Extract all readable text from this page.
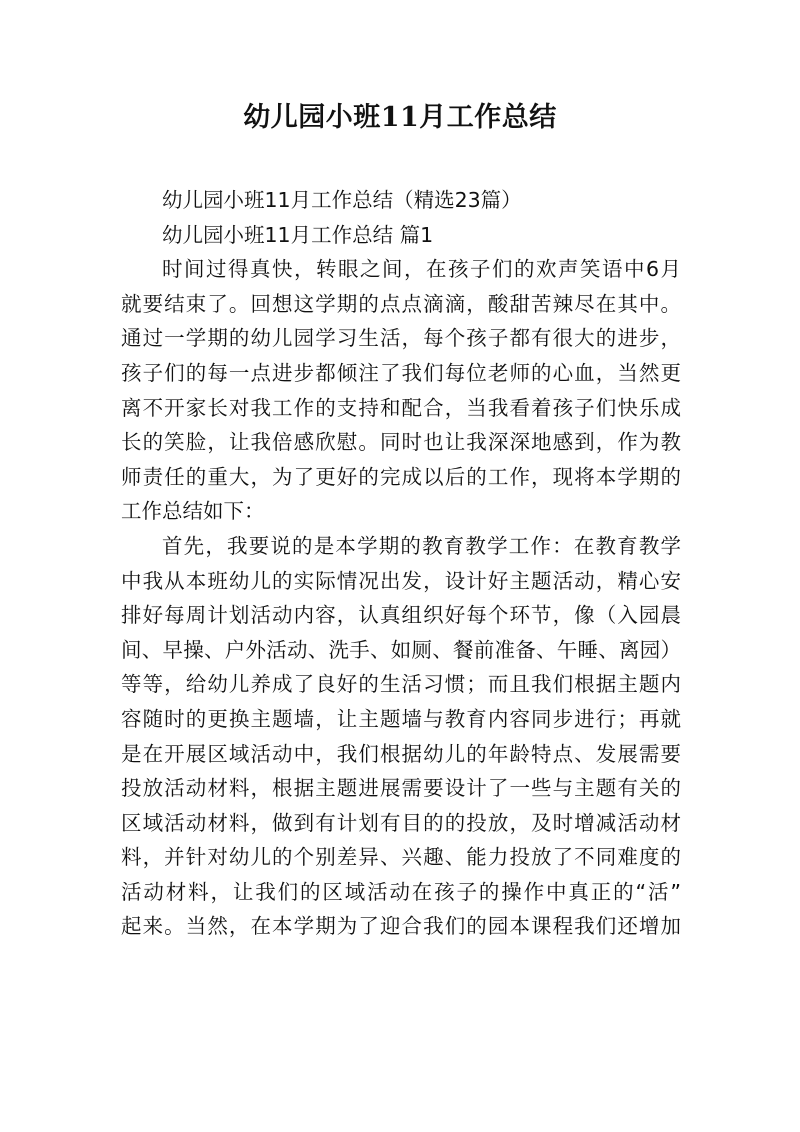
幼儿园小班11月工作总结
幼儿园小班11月工作总结（精选23篇）
幼儿园小班11月工作总结 篇1
时间过得真快，转眼之间，在孩子们的欢声笑语中6月
就要结束了。回想这学期的点点滴滴，酸甜苦辣尽在其中。
通过一学期的幼儿园学习生活，每个孩子都有很大的进步，
孩子们的每一点进步都倾注了我们每位老师的心血，当然更
离不开家长对我工作的支持和配合，当我看着孩子们快乐成
长的笑脸，让我倍感欣慰。同时也让我深深地感到，作为教
师责任的重大，为了更好的完成以后的工作，现将本学期的
工作总结如下：
首先，我要说的是本学期的教育教学工作：在教育教学
中我从本班幼儿的实际情况出发，设计好主题活动，精心安
排好每周计划活动内容，认真组织好每个环节，像（入园晨
间、早操、户外活动、洗手、如厕、餐前准备、午睡、离园）
等等，给幼儿养成了良好的生活习惯；而且我们根据主题内
容随时的更换主题墙，让主题墙与教育内容同步进行；再就
是在开展区域活动中，我们根据幼儿的年龄特点、发展需要
投放活动材料，根据主题进展需要设计了一些与主题有关的
区域活动材料，做到有计划有目的的投放，及时增减活动材
料，并针对幼儿的个别差异、兴趣、能力投放了不同难度的
活动材料，让我们的区域活动在孩子的操作中真正的“活”
起来。当然，在本学期为了迎合我们的园本课程我们还增加
